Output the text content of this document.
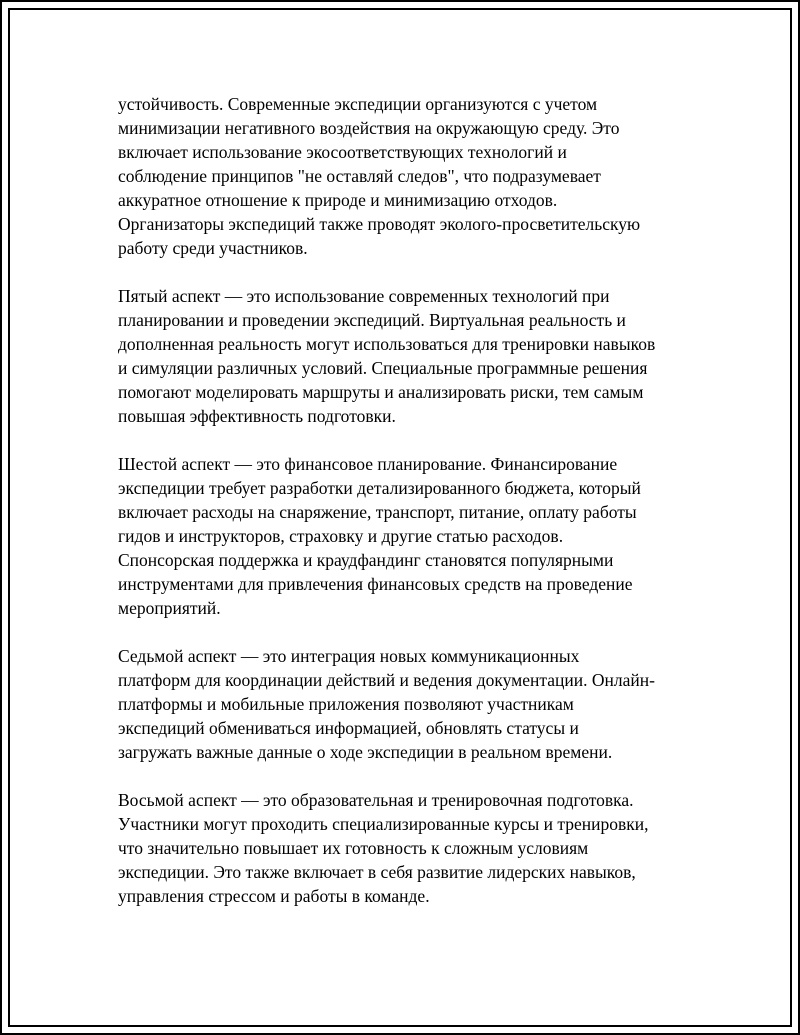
устойчивость. Современные экспедиции организуются с учетом
минимизации негативного воздействия на окружающую среду. Это
включает использование экосоответствующих технологий и
соблюдение принципов "не оставляй следов", что подразумевает
аккуратное отношение к природе и минимизацию отходов.
Организаторы экспедиций также проводят эколого-просветительскую
работу среди участников.

Пятый аспект — это использование современных технологий при
планировании и проведении экспедиций. Виртуальная реальность и
дополненная реальность могут использоваться для тренировки навыков
и симуляции различных условий. Специальные программные решения
помогают моделировать маршруты и анализировать риски, тем самым
повышая эффективность подготовки.

Шестой аспект — это финансовое планирование. Финансирование
экспедиции требует разработки детализированного бюджета, который
включает расходы на снаряжение, транспорт, питание, оплату работы
гидов и инструкторов, страховку и другие статью расходов.
Спонсорская поддержка и краудфандинг становятся популярными
инструментами для привлечения финансовых средств на проведение
мероприятий.

Седьмой аспект — это интеграция новых коммуникационных
платформ для координации действий и ведения документации. Онлайн-
платформы и мобильные приложения позволяют участникам
экспедиций обмениваться информацией, обновлять статусы и
загружать важные данные о ходе экспедиции в реальном времени.

Восьмой аспект — это образовательная и тренировочная подготовка.
Участники могут проходить специализированные курсы и тренировки,
что значительно повышает их готовность к сложным условиям
экспедиции. Это также включает в себя развитие лидерских навыков,
управления стрессом и работы в команде.
